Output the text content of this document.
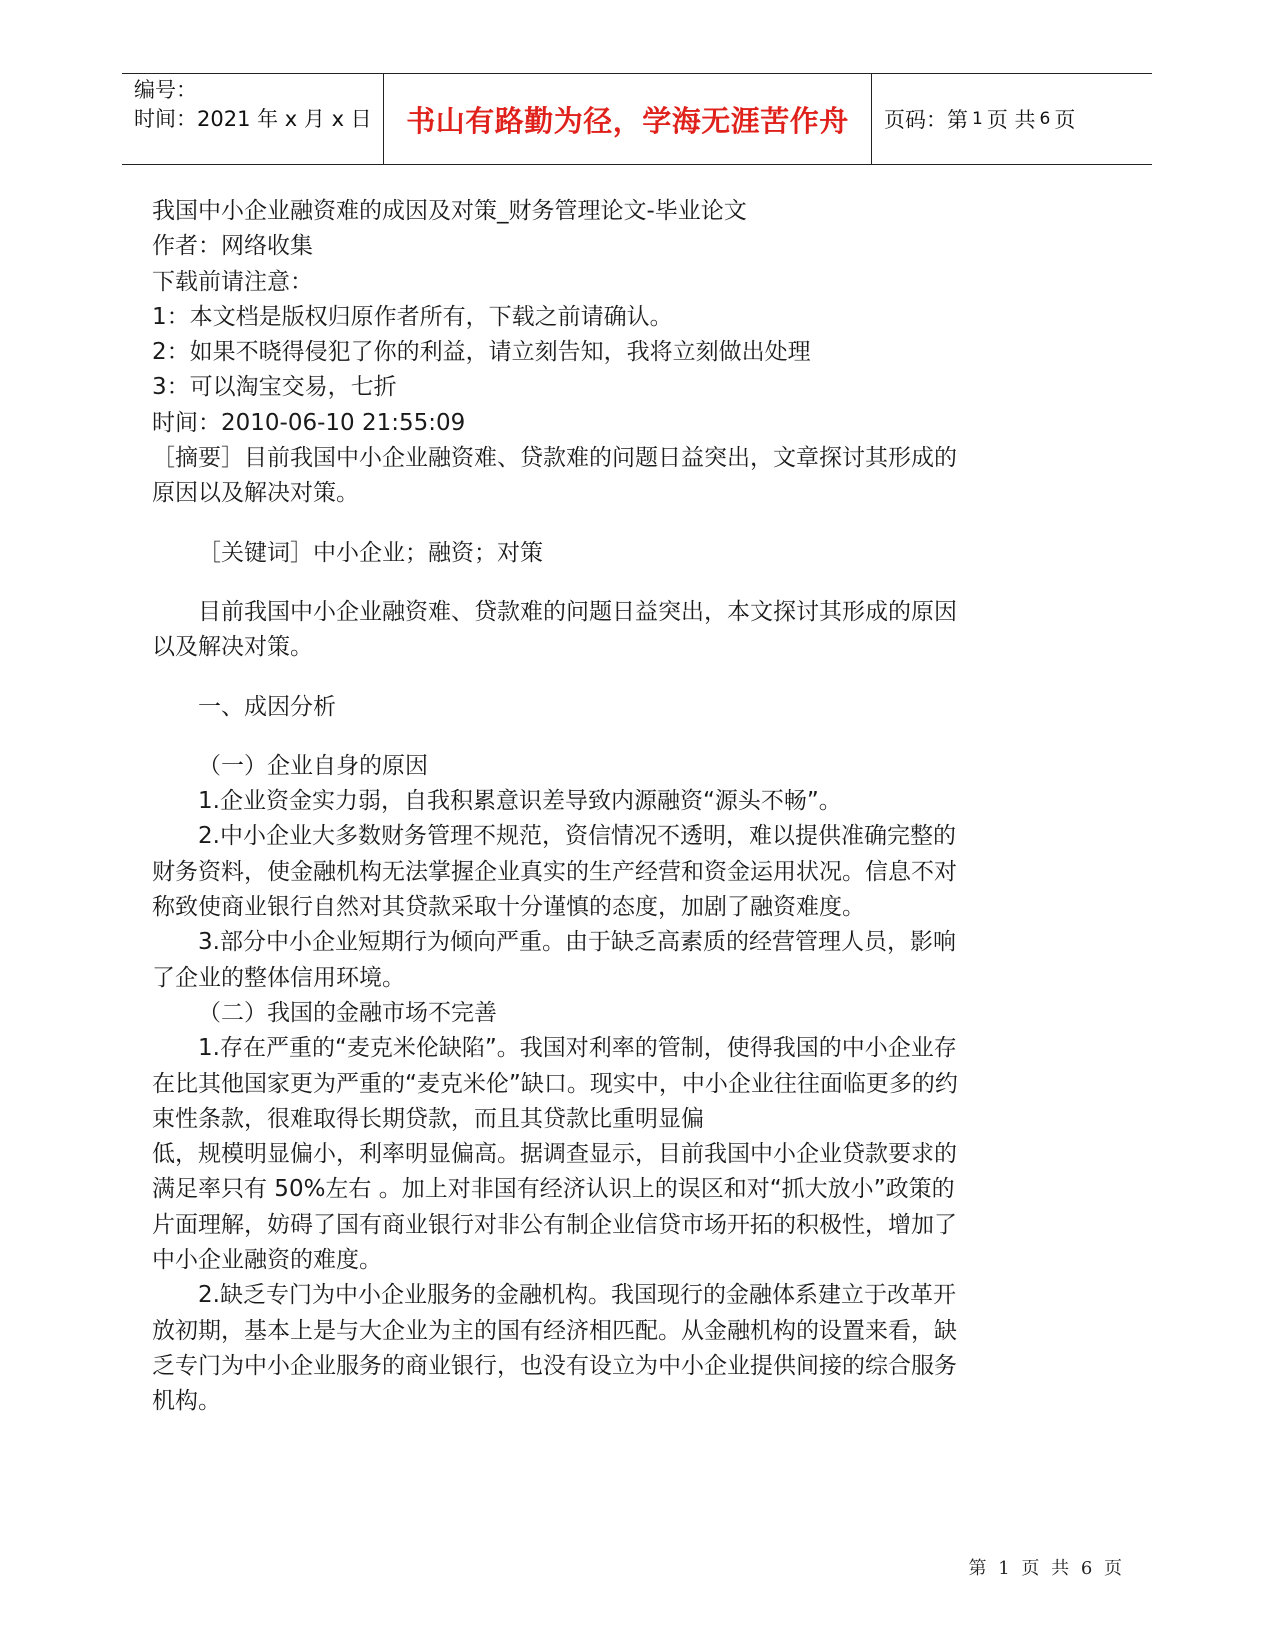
编号：
时间：2021 年 x 月 x 日	书山有路勤为径，学海无涯苦作舟 页码：第 1 页 共 6 页

我国中小企业融资难的成因及对策_财务管理论文-毕业论文

作者：网络收集

下载前请注意：

1：本文档是版权归原作者所有，下载之前请确认。

2：如果不晓得侵犯了你的利益，请立刻告知，我将立刻做出处理

3：可以淘宝交易，七折

时间：2010-06-10 21:55:09

［摘要］目前我国中小企业融资难、贷款难的问题日益突出，文章探讨其形成的原因以及解决对策。

［关键词］中小企业；融资；对策

目前我国中小企业融资难、贷款难的问题日益突出，本文探讨其形成的原因以及解决对策。

一、成因分析

（一）企业自身的原因

1.企业资金实力弱，自我积累意识差导致内源融资“源头不畅”。

2.中小企业大多数财务管理不规范，资信情况不透明，难以提供准确完整的财务资料，使金融机构无法掌握企业真实的生产经营和资金运用状况。信息不对称致使商业银行自然对其贷款采取十分谨慎的态度，加剧了融资难度。

3.部分中小企业短期行为倾向严重。由于缺乏高素质的经营管理人员，影响了企业的整体信用环境。

（二）我国的金融市场不完善

1.存在严重的“麦克米伦缺陷”。我国对利率的管制，使得我国的中小企业存在比其他国家更为严重的“麦克米伦”缺口。现实中，中小企业往往面临更多的约束性条款，很难取得长期贷款，而且其贷款比重明显偏

低，规模明显偏小，利率明显偏高。据调查显示，目前我国中小企业贷款要求的满足率只有 50%左右 。加上对非国有经济认识上的误区和对“抓大放小”政策的片面理解，妨碍了国有商业银行对非公有制企业信贷市场开拓的积极性，增加了中小企业融资的难度。

2.缺乏专门为中小企业服务的金融机构。我国现行的金融体系建立于改革开放初期，基本上是与大企业为主的国有经济相匹配。从金融机构的设置来看，缺乏专门为中小企业服务的商业银行，也没有设立为中小企业提供间接的综合服务机构。

第 1 页 共 6 页
